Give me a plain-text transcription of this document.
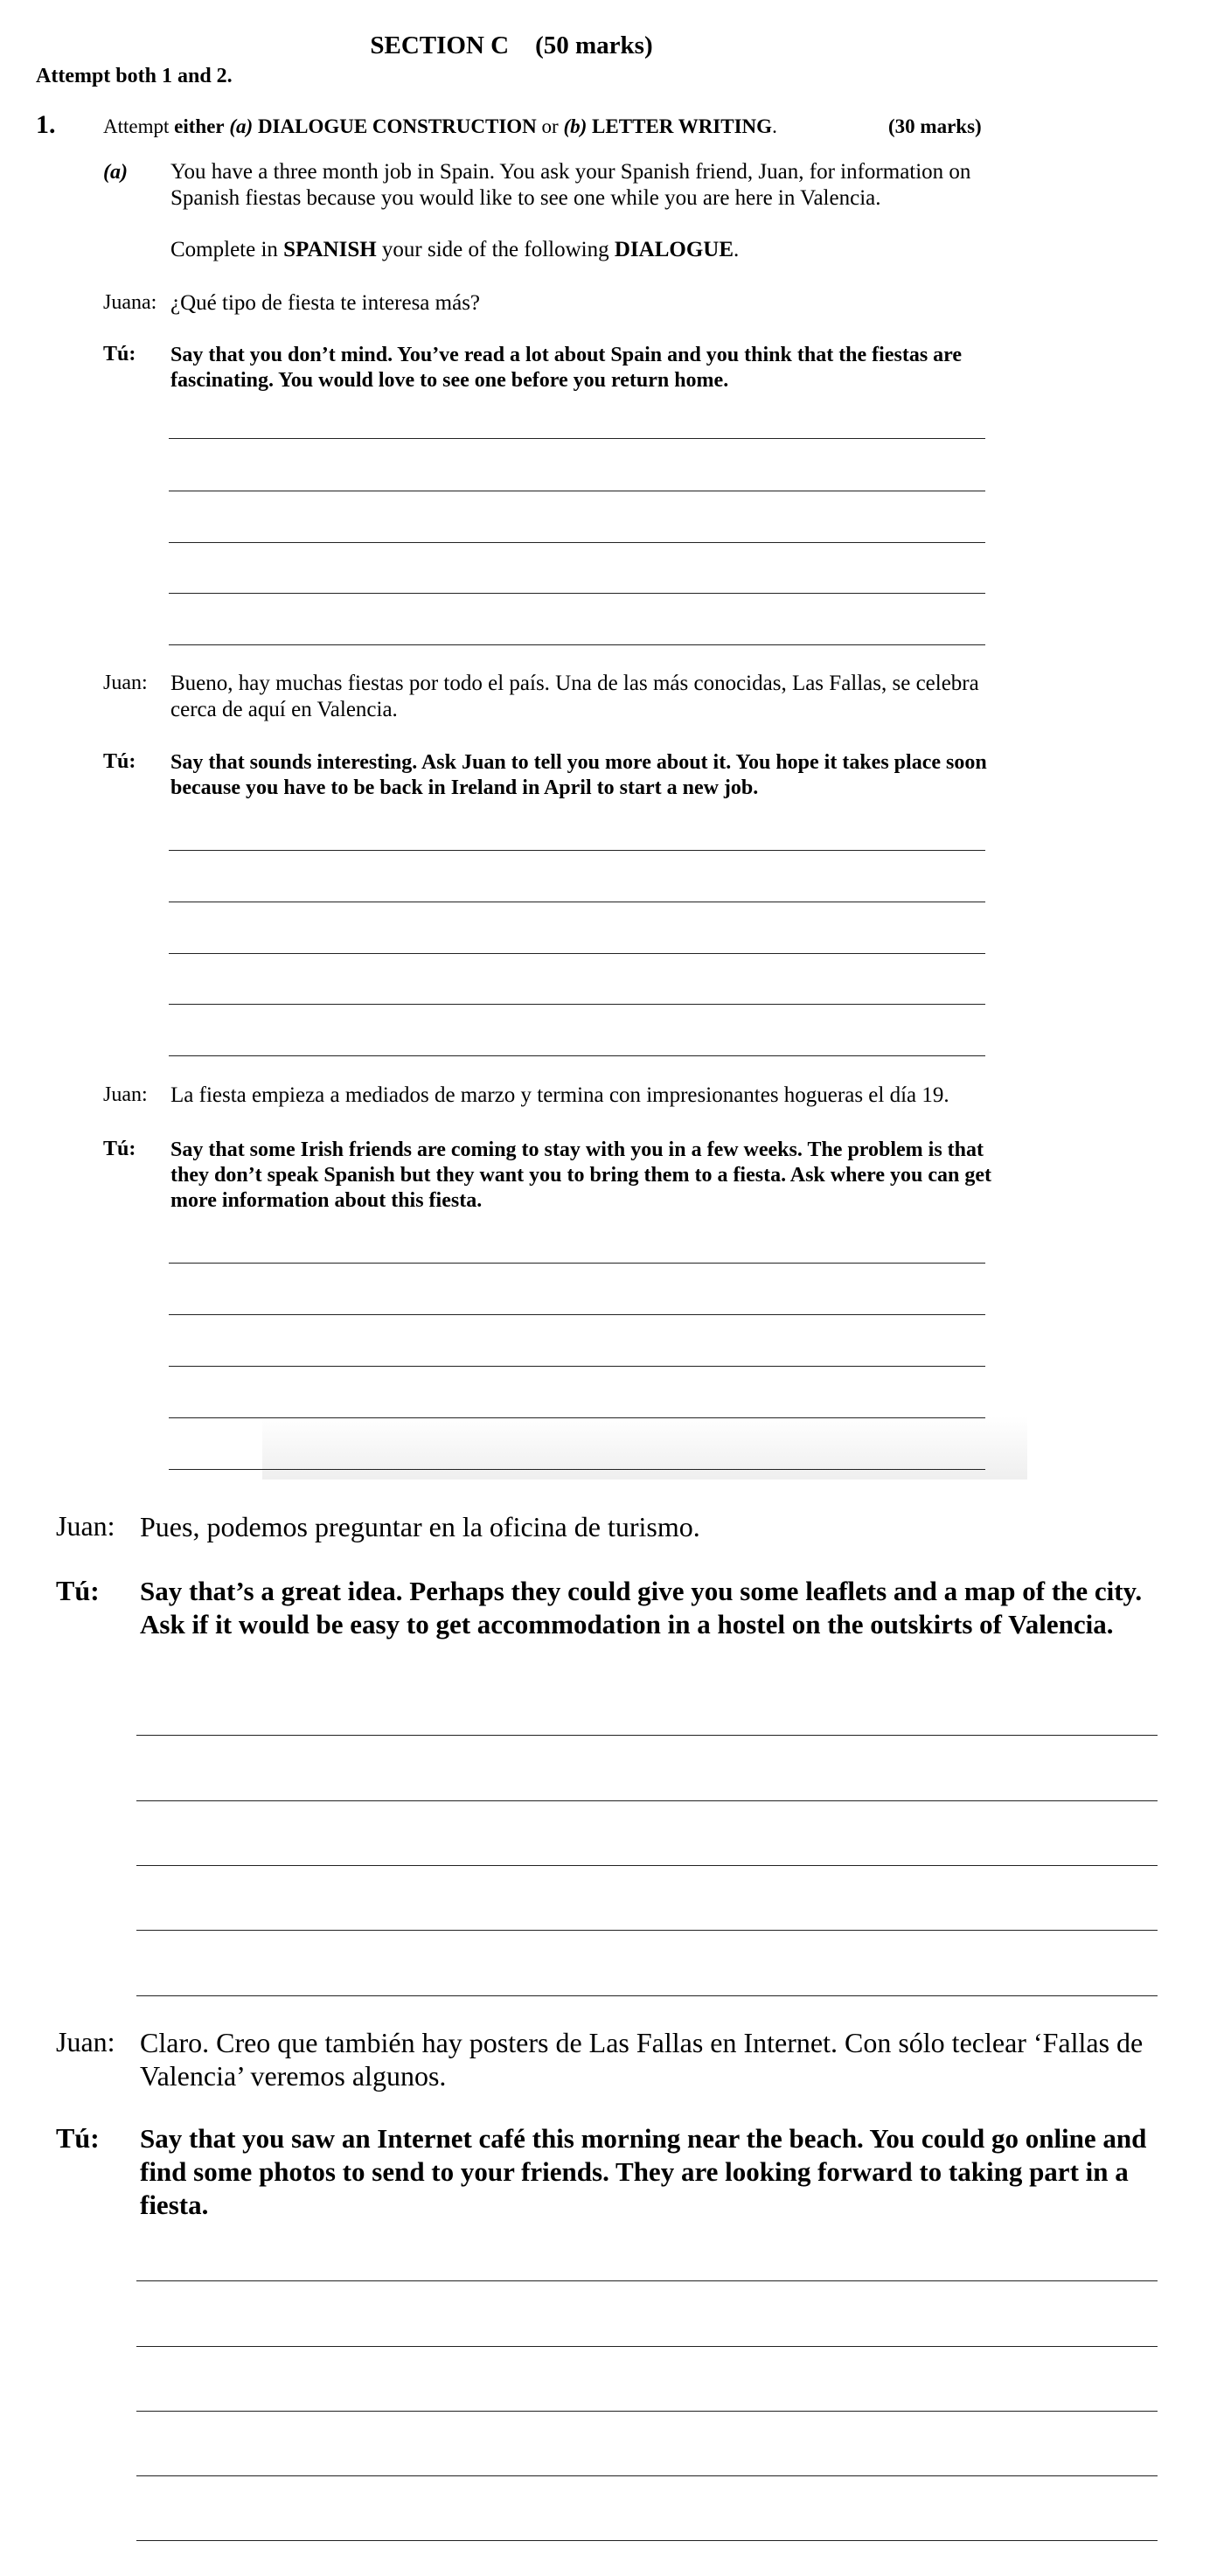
SECTION C (50 marks)
Attempt both 1 and 2.
1. Attempt either (a) DIALOGUE CONSTRUCTION or (b) LETTER WRITING.	(30 marks)
(a) You have a three month job in Spain. You ask your Spanish friend, Juan, for information on Spanish fiestas because you would like to see one while you are here in Valencia.
Complete in SPANISH your side of the following DIALOGUE.
Juana: ¿Qué tipo de fiesta te interesa más?
Tú: Say that you don’t mind. You’ve read a lot about Spain and you think that the fiestas are fascinating. You would love to see one before you return home.
Juan: Bueno, hay muchas fiestas por todo el país. Una de las más conocidas, Las Fallas, se celebra cerca de aquí en Valencia.
Tú: Say that sounds interesting. Ask Juan to tell you more about it. You hope it takes place soon because you have to be back in Ireland in April to start a new job.
Juan: La fiesta empieza a mediados de marzo y termina con impresionantes hogueras el día 19.
Tú: Say that some Irish friends are coming to stay with you in a few weeks. The problem is that they don’t speak Spanish but they want you to bring them to a fiesta. Ask where you can get more information about this fiesta.
Juan: Pues, podemos preguntar en la oficina de turismo.
Tú: Say that’s a great idea. Perhaps they could give you some leaflets and a map of the city. Ask if it would be easy to get accommodation in a hostel on the outskirts of Valencia.
Juan: Claro. Creo que también hay posters de Las Fallas en Internet. Con sólo teclear ‘Fallas de Valencia’ veremos algunos.
Tú: Say that you saw an Internet café this morning near the beach. You could go online and find some photos to send to your friends. They are looking forward to taking part in a fiesta.
